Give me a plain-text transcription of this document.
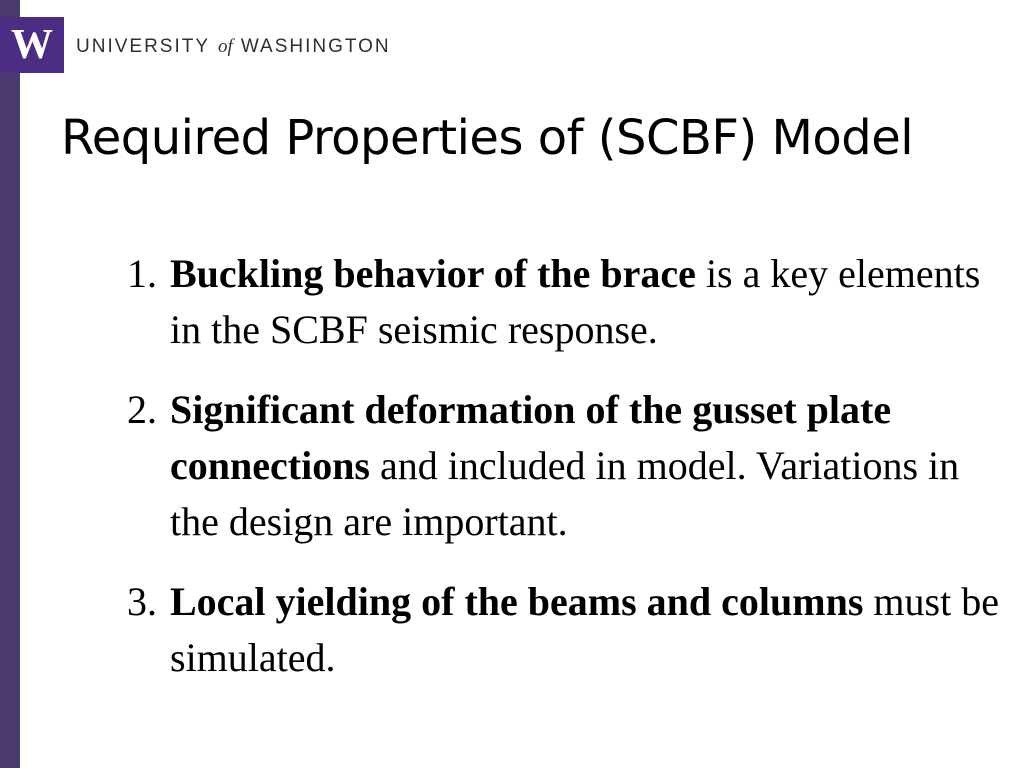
W UNIVERSITY of WASHINGTON
Required Properties of (SCBF) Model
1. Buckling behavior of the brace is a key elements in the SCBF seismic response.
2. Significant deformation of the gusset plate connections and included in model. Variations in the design are important.
3. Local yielding of the beams and columns must be simulated.
